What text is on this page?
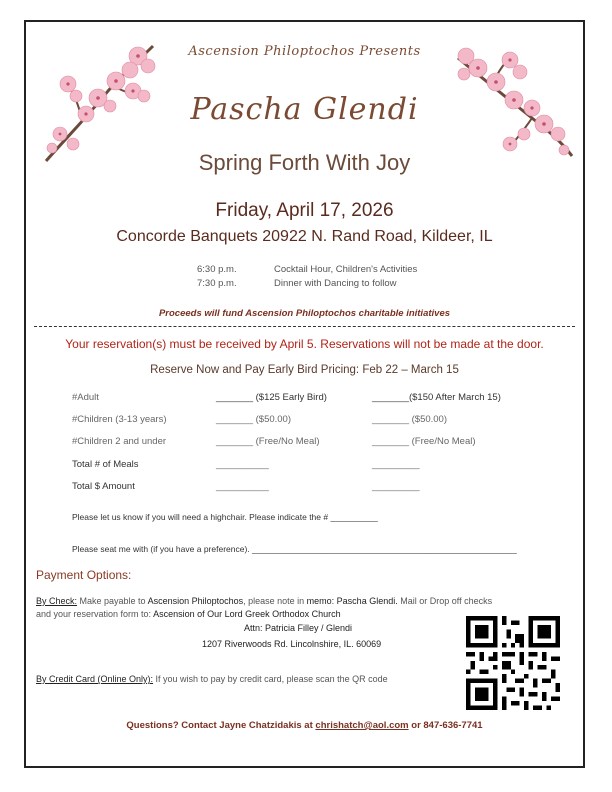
Ascension Philoptochos Presents
Pascha Glendi
Spring Forth With Joy
Friday, April 17, 2026
Concorde Banquets 20922 N. Rand Road, Kildeer, IL
6:30 p.m.	Cocktail Hour, Children's Activities
7:30 p.m.	Dinner with Dancing to follow
Proceeds will fund Ascension Philoptochos charitable initiatives
Your reservation(s) must be received by April 5. Reservations will not be made at the door.
Reserve Now and Pay Early Bird Pricing: Feb 22 – March 15
#Adult	_______ ($125 Early Bird)	_______($150 After March 15)
#Children (3-13 years)	_______ ($50.00)	_______ ($50.00)
#Children 2 and under	_______ (Free/No Meal)	_______ (Free/No Meal)
Total # of Meals	__________	_________
Total $ Amount	__________	_________
Please let us know if you will need a highchair. Please indicate the # __________
Please seat me with (if you have a preference). ________________________________________________________
Payment Options:
By Check: Make payable to Ascension Philoptochos, please note in memo: Pascha Glendi. Mail or Drop off checks
and your reservation form to: Ascension of Our Lord Greek Orthodox Church
Attn: Patricia Filley / Glendi
1207 Riverwoods Rd. Lincolnshire, IL. 60069
By Credit Card (Online Only): If you wish to pay by credit card, please scan the QR code
Questions? Contact Jayne Chatzidakis at chrishatch@aol.com or 847-636-7741
